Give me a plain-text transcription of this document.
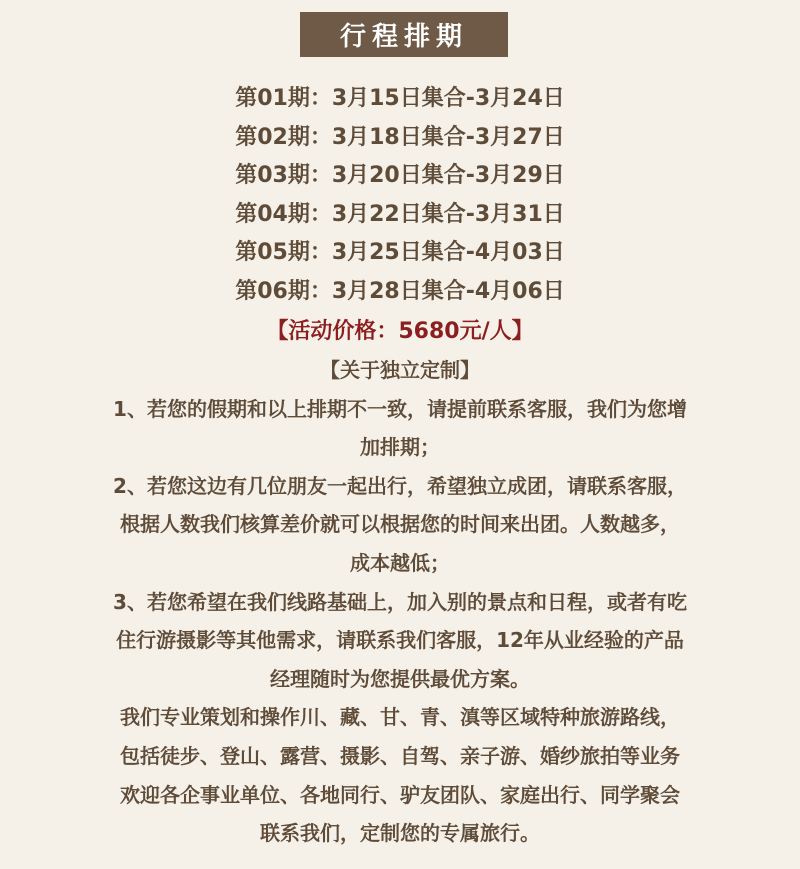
行程排期
第01期：3月15日集合-3月24日
第02期：3月18日集合-3月27日
第03期：3月20日集合-3月29日
第04期：3月22日集合-3月31日
第05期：3月25日集合-4月03日
第06期：3月28日集合-4月06日
【活动价格：5680元/人】
【关于独立定制】
1、若您的假期和以上排期不一致，请提前联系客服，我们为您增
加排期；
2、若您这边有几位朋友一起出行，希望独立成团，请联系客服，
根据人数我们核算差价就可以根据您的时间来出团。人数越多，
成本越低；
3、若您希望在我们线路基础上，加入别的景点和日程，或者有吃
住行游摄影等其他需求，请联系我们客服，12年从业经验的产品
经理随时为您提供最优方案。
我们专业策划和操作川、藏、甘、青、滇等区域特种旅游路线，
包括徒步、登山、露营、摄影、自驾、亲子游、婚纱旅拍等业务
欢迎各企事业单位、各地同行、驴友团队、家庭出行、同学聚会
联系我们，定制您的专属旅行。
